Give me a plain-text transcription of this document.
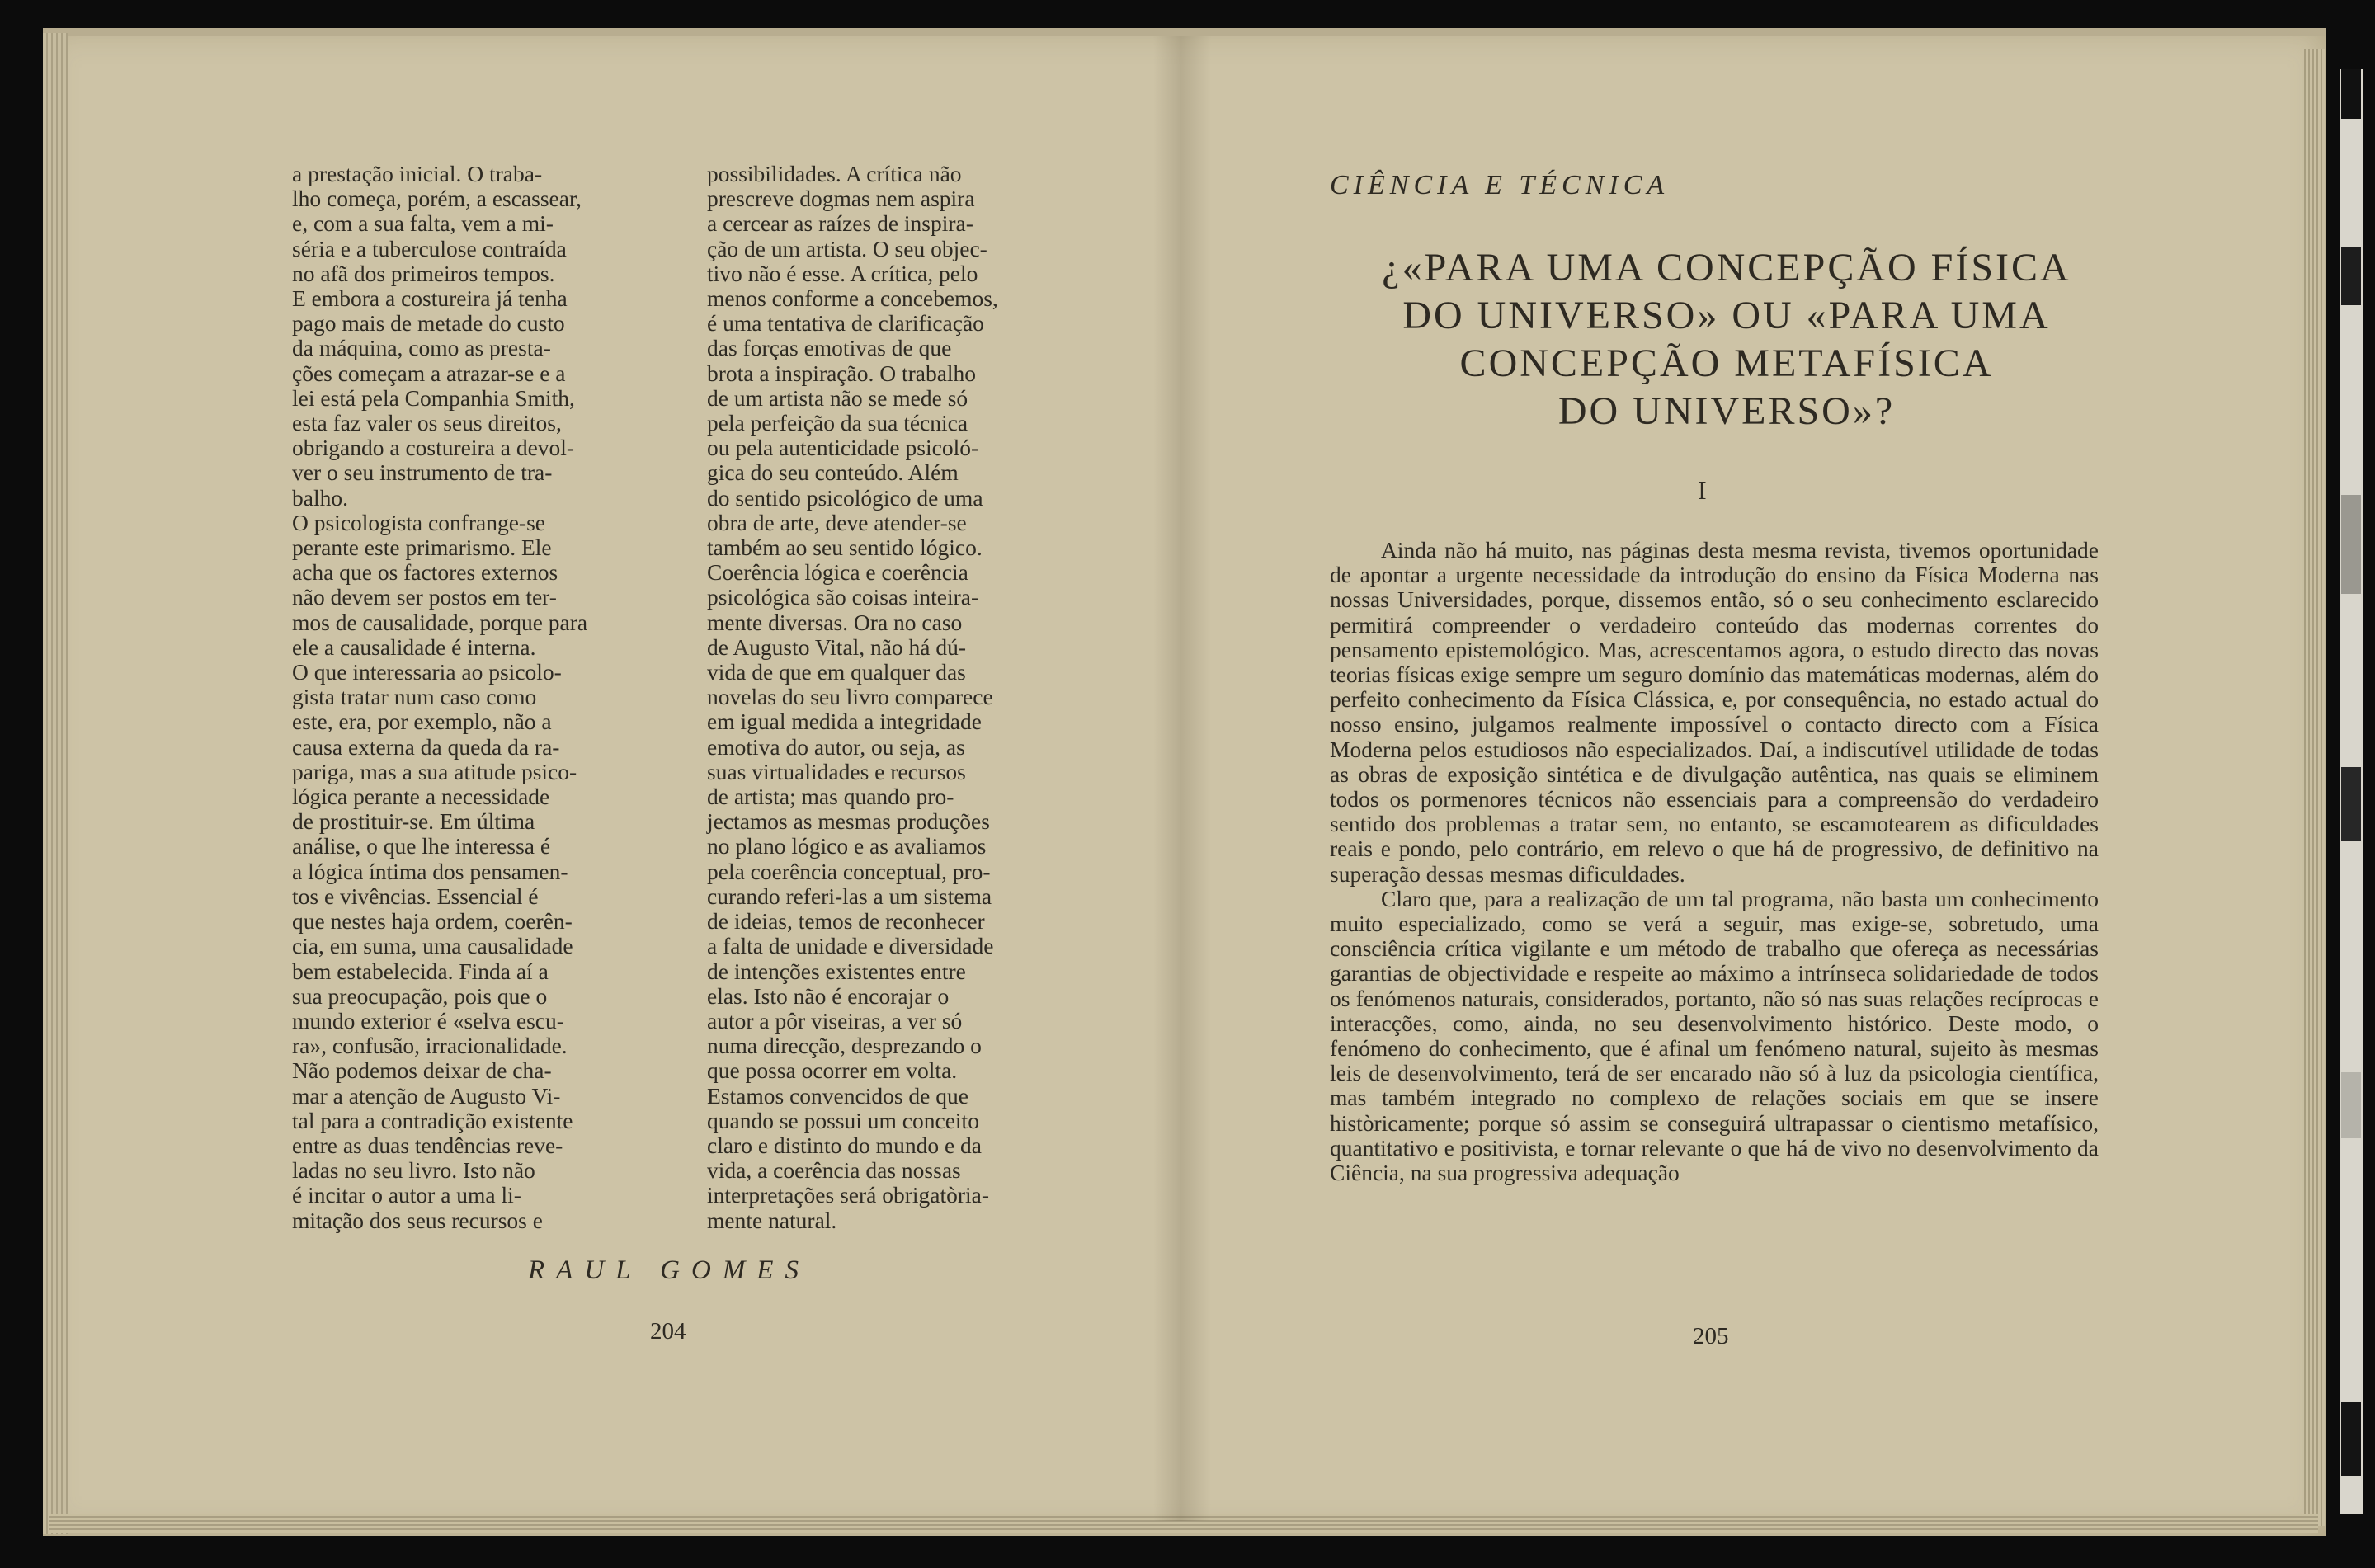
a prestação inicial. O traba-
lho começa, porém, a escassear,
e, com a sua falta, vem a mi-
séria e a tuberculose contraída
no afã dos primeiros tempos.
E embora a costureira já tenha
pago mais de metade do custo
da máquina, como as presta-
ções começam a atrazar-se e a
lei está pela Companhia Smith,
esta faz valer os seus direitos,
obrigando a costureira a devol-
ver o seu instrumento de tra-
balho.
O psicologista confrange-se
perante este primarismo. Ele
acha que os factores externos
não devem ser postos em ter-
mos de causalidade, porque para
ele a causalidade é interna.
O que interessaria ao psicolo-
gista tratar num caso como
este, era, por exemplo, não a
causa externa da queda da ra-
pariga, mas a sua atitude psico-
lógica perante a necessidade
de prostituir-se. Em última
análise, o que lhe interessa é
a lógica íntima dos pensamen-
tos e vivências. Essencial é
que nestes haja ordem, coerên-
cia, em suma, uma causalidade
bem estabelecida. Finda aí a
sua preocupação, pois que o
mundo exterior é «selva escu-
ra», confusão, irracionalidade.
Não podemos deixar de cha-
mar a atenção de Augusto Vi-
tal para a contradição existente
entre as duas tendências reve-
ladas no seu livro. Isto não
é incitar o autor a uma li-
mitação dos seus recursos e
possibilidades. A crítica não
prescreve dogmas nem aspira
a cercear as raízes de inspira-
ção de um artista. O seu objec-
tivo não é esse. A crítica, pelo
menos conforme a concebemos,
é uma tentativa de clarificação
das forças emotivas de que
brota a inspiração. O trabalho
de um artista não se mede só
pela perfeição da sua técnica
ou pela autenticidade psicoló-
gica do seu conteúdo. Além
do sentido psicológico de uma
obra de arte, deve atender-se
também ao seu sentido lógico.
Coerência lógica e coerência
psicológica são coisas inteira-
mente diversas. Ora no caso
de Augusto Vital, não há dú-
vida de que em qualquer das
novelas do seu livro comparece
em igual medida a integridade
emotiva do autor, ou seja, as
suas virtualidades e recursos
de artista; mas quando pro-
jectamos as mesmas produções
no plano lógico e as avaliamos
pela coerência conceptual, pro-
curando referi-las a um sistema
de ideias, temos de reconhecer
a falta de unidade e diversidade
de intenções existentes entre
elas. Isto não é encorajar o
autor a pôr viseiras, a ver só
numa direcção, desprezando o
que possa ocorrer em volta.
Estamos convencidos de que
quando se possui um conceito
claro e distinto do mundo e da
vida, a coerência das nossas
interpretações será obrigatòria-
mente natural.
RAUL GOMES
204
CIÊNCIA E TÉCNICA
¿«PARA UMA CONCEPÇÃO FÍSICA
DO UNIVERSO» OU «PARA UMA
CONCEPÇÃO METAFÍSICA
DO UNIVERSO»?
I

Ainda não há muito, nas páginas desta mesma revista, tivemos oportunidade de apontar a urgente necessidade da introdução do ensino da Física Moderna nas nossas Universidades, porque, dissemos então, só o seu conhecimento esclarecido permitirá compreender o verdadeiro conteúdo das modernas correntes do pensamento epistemológico. Mas, acrescentamos agora, o estudo directo das novas teorias físicas exige sempre um seguro domínio das matemáticas modernas, além do perfeito conhecimento da Física Clássica, e, por consequência, no estado actual do nosso ensino, julgamos realmente impossível o contacto directo com a Física Moderna pelos estudiosos não especializados. Daí, a indiscutível utilidade de todas as obras de exposição sintética e de divulgação autêntica, nas quais se eliminem todos os pormenores técnicos não essenciais para a compreensão do verdadeiro sentido dos problemas a tratar sem, no entanto, se escamotearem as dificuldades reais e pondo, pelo contrário, em relevo o que há de progressivo, de definitivo na superação dessas mesmas dificuldades.

Claro que, para a realização de um tal programa, não basta um conhecimento muito especializado, como se verá a seguir, mas exige-se, sobretudo, uma consciência crítica vigilante e um método de trabalho que ofereça as necessárias garantias de objectividade e respeite ao máximo a intrínseca solidariedade de todos os fenómenos naturais, considerados, portanto, não só nas suas relações recíprocas e interacções, como, ainda, no seu desenvolvimento histórico. Deste modo, o fenómeno do conhecimento, que é afinal um fenómeno natural, sujeito às mesmas leis de desenvolvimento, terá de ser encarado não só à luz da psicologia científica, mas também integrado no complexo de relações sociais em que se insere històricamente; porque só assim se conseguirá ultrapassar o cientismo metafísico, quantitativo e positivista, e tornar relevante o que há de vivo no desenvolvimento da Ciência, na sua progressiva adequação

205
